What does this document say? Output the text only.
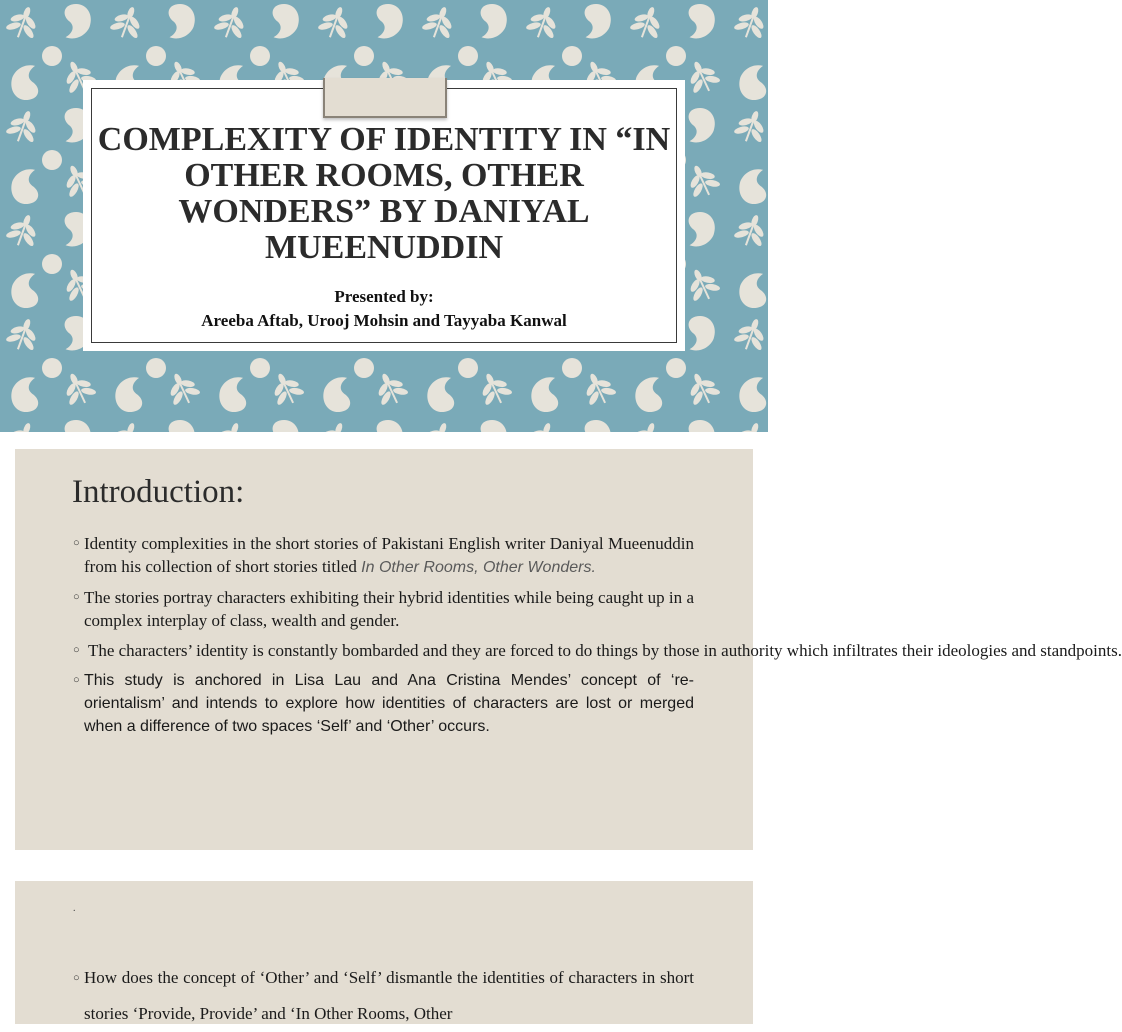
COMPLEXITY OF IDENTITY IN “IN OTHER ROOMS, OTHER WONDERS” BY DANIYAL MUEENUDDIN

Presented by:

Areeba Aftab, Urooj Mohsin and Tayyaba Kanwal

Introduction:
○ Identity complexities in the short stories of Pakistani English writer Daniyal Mueenuddin from his collection of short stories titled In Other Rooms, Other Wonders.
○ The stories portray characters exhibiting their hybrid identities while being caught up in a complex interplay of class, wealth and gender.
○ The characters’ identity is constantly bombarded and they are forced to do things by those in authority which infiltrates their ideologies and standpoints.
○ This study is anchored in Lisa Lau and Ana Cristina Mendes’ concept of ‘re-orientalism’ and intends to explore how identities of characters are lost or merged when a difference of two spaces ‘Self’ and ‘Other’ occurs.
.
○ How does the concept of ‘Other’ and ‘Self’ dismantle the identities of characters in short stories ‘Provide, Provide’ and ‘In Other Rooms, Other
